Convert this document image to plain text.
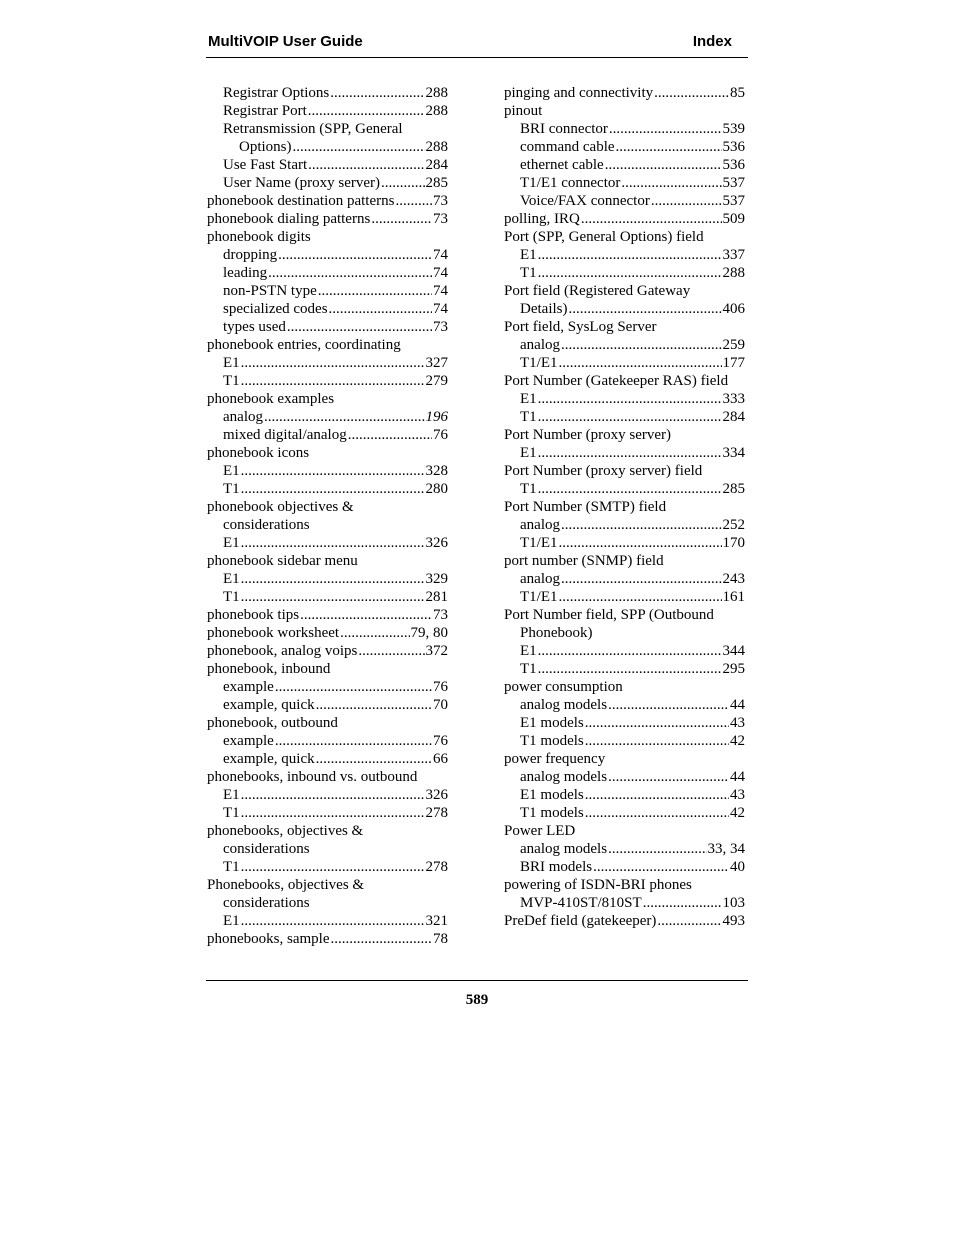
MultiVOIP User Guide	Index
Registrar Options .....	288
Registrar Port .....	288
Retransmission (SPP, General
Options) .....	288
Use Fast Start .....	284
User Name (proxy server) .....	285
phonebook destination patterns .....	73
phonebook dialing patterns .....	73
phonebook digits
dropping .....	74
leading .....	74
non-PSTN type .....	74
specialized codes .....	74
types used .....	73
phonebook entries, coordinating
E1 .....	327
T1 .....	279
phonebook examples
analog .....	196
mixed digital/analog .....	76
phonebook icons
E1 .....	328
T1 .....	280
phonebook objectives &
considerations
E1 .....	326
phonebook sidebar menu
E1 .....	329
T1 .....	281
phonebook tips .....	73
phonebook worksheet .....	79, 80
phonebook, analog voips .....	372
phonebook, inbound
example .....	76
example, quick .....	70
phonebook, outbound
example .....	76
example, quick .....	66
phonebooks, inbound vs. outbound
E1 .....	326
T1 .....	278
phonebooks, objectives &
considerations
T1 .....	278
Phonebooks, objectives &
considerations
E1 .....	321
phonebooks, sample .....	78
pinging and connectivity .....	85
pinout
BRI connector .....	539
command cable .....	536
ethernet cable .....	536
T1/E1 connector .....	537
Voice/FAX connector .....	537
polling, IRQ .....	509
Port (SPP, General Options) field
E1 .....	337
T1 .....	288
Port field (Registered Gateway
Details) .....	406
Port field, SysLog Server
analog .....	259
T1/E1 .....	177
Port Number (Gatekeeper RAS) field
E1 .....	333
T1 .....	284
Port Number (proxy server)
E1 .....	334
Port Number (proxy server) field
T1 .....	285
Port Number (SMTP) field
analog .....	252
T1/E1 .....	170
port number (SNMP) field
analog .....	243
T1/E1 .....	161
Port Number field, SPP (Outbound
Phonebook)
E1 .....	344
T1 .....	295
power consumption
analog models .....	44
E1 models .....	43
T1 models .....	42
power frequency
analog models .....	44
E1 models .....	43
T1 models .....	42
Power LED
analog models .....	33, 34
BRI models .....	40
powering of ISDN-BRI phones
MVP-410ST/810ST .....	103
PreDef field (gatekeeper) .....	493
589
